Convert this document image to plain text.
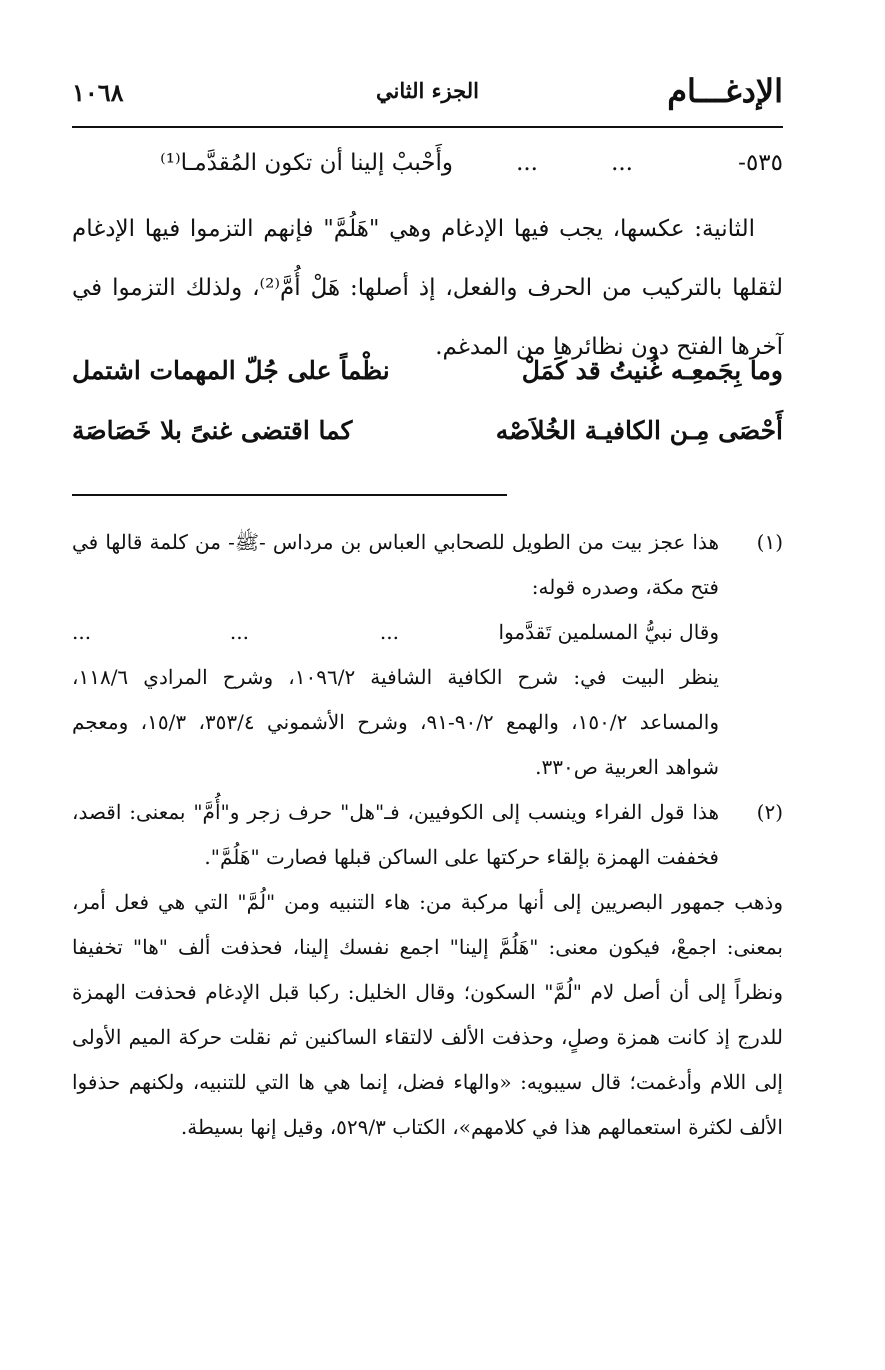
الإدغـــام
الجزء الثاني
١٠٦٨
٥٣٥-
...
...
وأَحْببْ إلينا أن تكون المُقدَّمـا⁽¹⁾

الثانية: عكسها، يجب فيها الإدغام وهي "هَلُمَّ" فإنهم التزموا فيها الإدغام لثقلها بالتركيب من الحرف والفعل، إذ أصلها: هَلْ أُمَّ⁽²⁾، ولذلك التزموا في آخرها الفتح دون نظائرها من المدغم.

وما بِجَمعِـه غُنيتُ قد كَمَلْ
نظْماً على جُلّ المهمات اشتمل
أَحْصَى مِـن الكافيـة الخُلاَصْه
كما اقتضى غنىً بلا خَصَاصَة
(١)
هذا عجز بيت من الطويل للصحابي العباس بن مرداس -ﷺ- من كلمة قالها في فتح مكة، وصدره قوله:
وقال نبيُّ المسلمين تَقدَّموا
...
...
...
ينظر البيت في: شرح الكافية الشافية ١٠٩٦/٢، وشرح المرادي ١١٨/٦، والمساعد ١٥٠/٢، والهمع ٩٠/٢-٩١، وشرح الأشموني ٣٥٣/٤، ١٥/٣، ومعجم شواهد العربية ص٣٣٠.
(٢)
هذا قول الفراء وينسب إلى الكوفيين، فـ"هل" حرف زجر و"أُمَّ" بمعنى: اقصد، فخففت الهمزة بإلقاء حركتها على الساكن قبلها فصارت "هَلُمَّ".
وذهب جمهور البصريين إلى أنها مركبة من: هاء التنبيه ومن "لُمَّ" التي هي فعل أمر، بمعنى: اجمعْ، فيكون معنى: "هَلُمَّ إلينا" اجمع نفسك إلينا، فحذفت ألف "ها" تخفيفا ونظراً إلى أن أصل لام "لُمَّ" السكون؛ وقال الخليل: ركبا قبل الإدغام فحذفت الهمزة للدرج إذ كانت همزة وصلٍ، وحذفت الألف لالتقاء الساكنين ثم نقلت حركة الميم الأولى إلى اللام وأدغمت؛ قال سيبويه: «والهاء فضل، إنما هي ها التي للتنبيه، ولكنهم حذفوا الألف لكثرة استعمالهم هذا في كلامهم»، الكتاب ٥٢٩/٣، وقيل إنها بسيطة.
